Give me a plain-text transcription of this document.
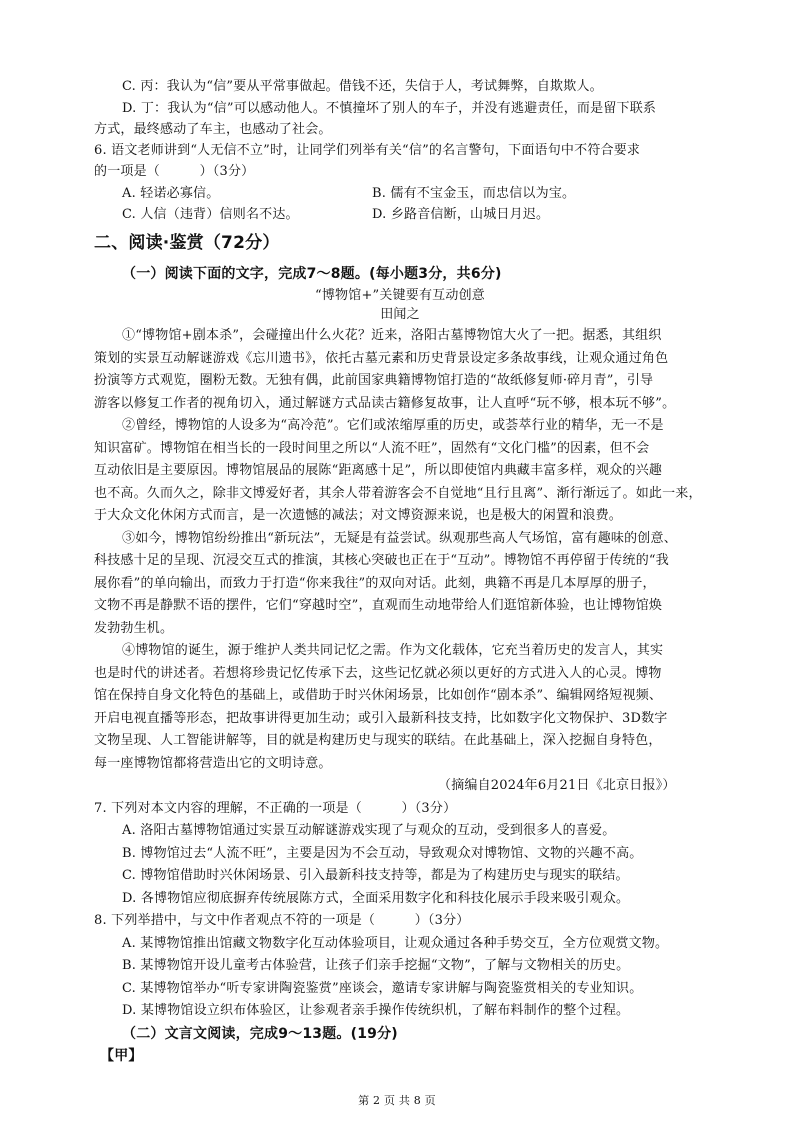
C. 丙：我认为“信”要从平常事做起。借钱不还，失信于人，考试舞弊，自欺欺人。
D. 丁：我认为“信”可以感动他人。不慎撞坏了别人的车子，并没有逃避责任，而是留下联系
方式，最终感动了车主，也感动了社会。
6. 语文老师讲到“人无信不立”时，让同学们列举有关“信”的名言警句，下面语句中不符合要求
的一项是（　　　）（3分）
A. 轻诺必寡信。	B. 儒有不宝金玉，而忠信以为宝。
C. 人信（违背）信则名不达。	D. 乡路音信断，山城日月迟。
二、阅读·鉴赏（72分）
（一）阅读下面的文字，完成7～8题。(每小题3分，共6分)
“博物馆+”关键要有互动创意
田闻之
①“博物馆+剧本杀”，会碰撞出什么火花？近来，洛阳古墓博物馆大火了一把。据悉，其组织
策划的实景互动解谜游戏《忘川遗书》，依托古墓元素和历史背景设定多条故事线，让观众通过角色
扮演等方式观览，圈粉无数。无独有偶，此前国家典籍博物馆打造的“故纸修复师·碎月青”，引导
游客以修复工作者的视角切入，通过解谜方式品读古籍修复故事，让人直呼“玩不够，根本玩不够”。
②曾经，博物馆的人设多为“高冷范”。它们或浓缩厚重的历史，或荟萃行业的精华，无一不是
知识富矿。博物馆在相当长的一段时间里之所以“人流不旺”，固然有“文化门槛”的因素，但不会
互动依旧是主要原因。博物馆展品的展陈“距离感十足”，所以即使馆内典藏丰富多样，观众的兴趣
也不高。久而久之，除非文博爱好者，其余人带着游客会不自觉地“且行且离”、渐行渐远了。如此一来，
于大众文化休闲方式而言，是一次遗憾的减法；对文博资源来说，也是极大的闲置和浪费。
③如今，博物馆纷纷推出“新玩法”，无疑是有益尝试。纵观那些高人气场馆，富有趣味的创意、
科技感十足的呈现、沉浸交互式的推演，其核心突破也正在于“互动”。博物馆不再停留于传统的“我
展你看”的单向输出，而致力于打造“你来我往”的双向对话。此刻，典籍不再是几本厚厚的册子，
文物不再是静默不语的摆件，它们“穿越时空”，直观而生动地带给人们逛馆新体验，也让博物馆焕
发勃勃生机。
④博物馆的诞生，源于维护人类共同记忆之需。作为文化载体，它充当着历史的发言人，其实
也是时代的讲述者。若想将珍贵记忆传承下去，这些记忆就必须以更好的方式进入人的心灵。博物
馆在保持自身文化特色的基础上，或借助于时兴休闲场景，比如创作“剧本杀”、编辑网络短视频、
开启电视直播等形态，把故事讲得更加生动；或引入最新科技支持，比如数字化文物保护、3D数字
文物呈现、人工智能讲解等，目的就是构建历史与现实的联结。在此基础上，深入挖掘自身特色，
每一座博物馆都将营造出它的文明诗意。
（摘编自2024年6月21日《北京日报》）
7. 下列对本文内容的理解，不正确的一项是（　　　）（3分）
A. 洛阳古墓博物馆通过实景互动解谜游戏实现了与观众的互动，受到很多人的喜爱。
B. 博物馆过去“人流不旺”，主要是因为不会互动，导致观众对博物馆、文物的兴趣不高。
C. 博物馆借助时兴休闲场景、引入最新科技支持等，都是为了构建历史与现实的联结。
D. 各博物馆应彻底摒弃传统展陈方式，全面采用数字化和科技化展示手段来吸引观众。
8. 下列举措中，与文中作者观点不符的一项是（　　　）（3分）
A. 某博物馆推出馆藏文物数字化互动体验项目，让观众通过各种手势交互，全方位观赏文物。
B. 某博物馆开设儿童考古体验营，让孩子们亲手挖掘“文物”，了解与文物相关的历史。
C. 某博物馆举办“听专家讲陶瓷鉴赏”座谈会，邀请专家讲解与陶瓷鉴赏相关的专业知识。
D. 某博物馆设立织布体验区，让参观者亲手操作传统织机，了解布料制作的整个过程。
（二）文言文阅读，完成9～13题。(19分)
【甲】
第 2 页 共 8 页
